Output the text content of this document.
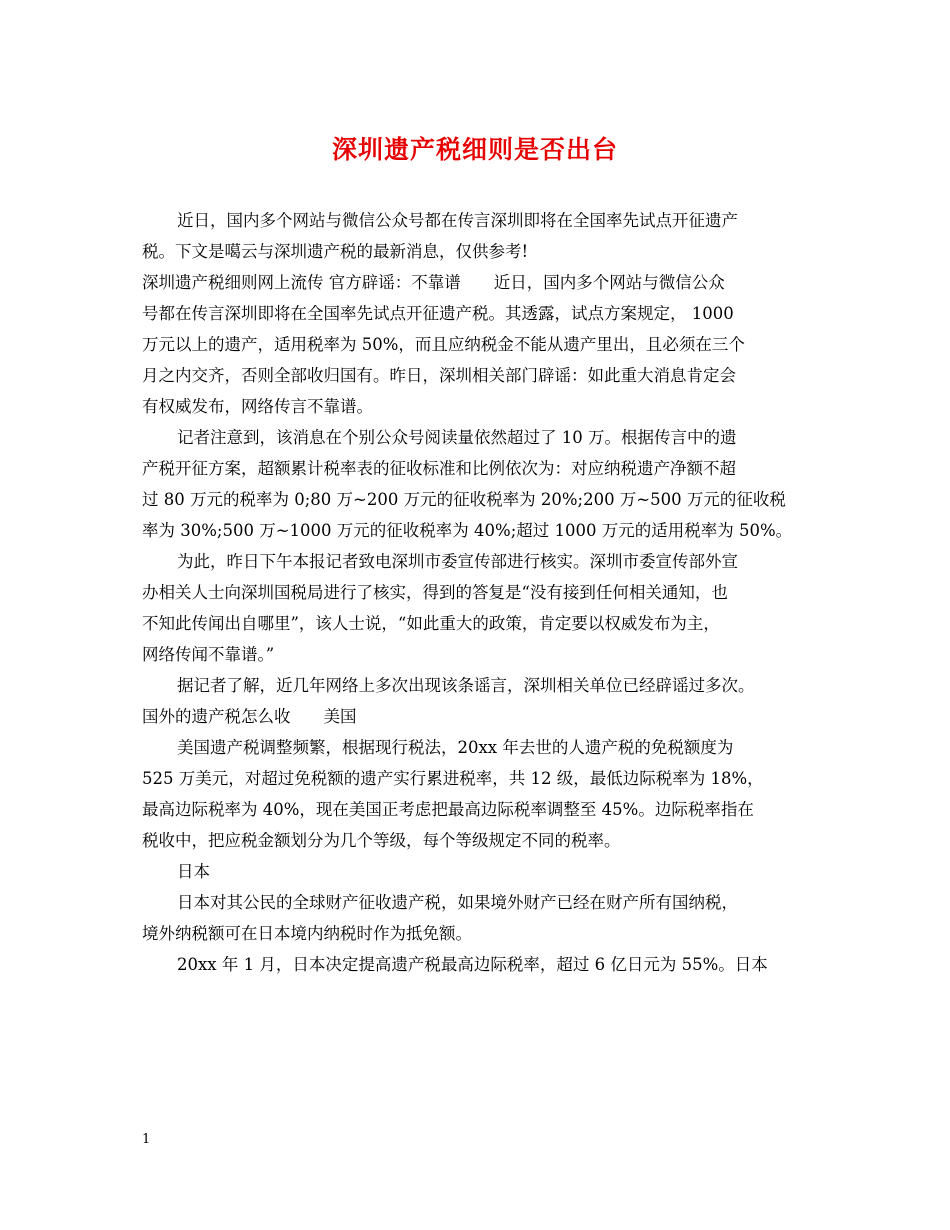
深圳遗产税细则是否出台

近日，国内多个网站与微信公众号都在传言深圳即将在全国率先试点开征遗产

税。下文是噶云与深圳遗产税的最新消息，仅供参考!

深圳遗产税细则网上流传 官方辟谣：不靠谱　　近日，国内多个网站与微信公众

号都在传言深圳即将在全国率先试点开征遗产税。其透露，试点方案规定， 1000

万元以上的遗产，适用税率为 50%，而且应纳税金不能从遗产里出，且必须在三个

月之内交齐，否则全部收归国有。昨日，深圳相关部门辟谣：如此重大消息肯定会

有权威发布，网络传言不靠谱。

记者注意到，该消息在个别公众号阅读量依然超过了 10 万。根据传言中的遗

产税开征方案，超额累计税率表的征收标准和比例依次为：对应纳税遗产净额不超

过 80 万元的税率为 0;80 万~200 万元的征收税率为 20%;200 万~500 万元的征收税

率为 30%;500 万~1000 万元的征收税率为 40%;超过 1000 万元的适用税率为 50%。

为此，昨日下午本报记者致电深圳市委宣传部进行核实。深圳市委宣传部外宣

办相关人士向深圳国税局进行了核实，得到的答复是“没有接到任何相关通知，也

不知此传闻出自哪里”，该人士说，“如此重大的政策，肯定要以权威发布为主，

网络传闻不靠谱。”

据记者了解，近几年网络上多次出现该条谣言，深圳相关单位已经辟谣过多次。

国外的遗产税怎么收　　美国

美国遗产税调整频繁，根据现行税法，20xx 年去世的人遗产税的免税额度为

525 万美元，对超过免税额的遗产实行累进税率，共 12 级，最低边际税率为 18%，

最高边际税率为 40%，现在美国正考虑把最高边际税率调整至 45%。边际税率指在

税收中，把应税金额划分为几个等级，每个等级规定不同的税率。

日本

日本对其公民的全球财产征收遗产税，如果境外财产已经在财产所有国纳税，

境外纳税额可在日本境内纳税时作为抵免额。

20xx 年 1 月，日本决定提高遗产税最高边际税率，超过 6 亿日元为 55%。日本

1
